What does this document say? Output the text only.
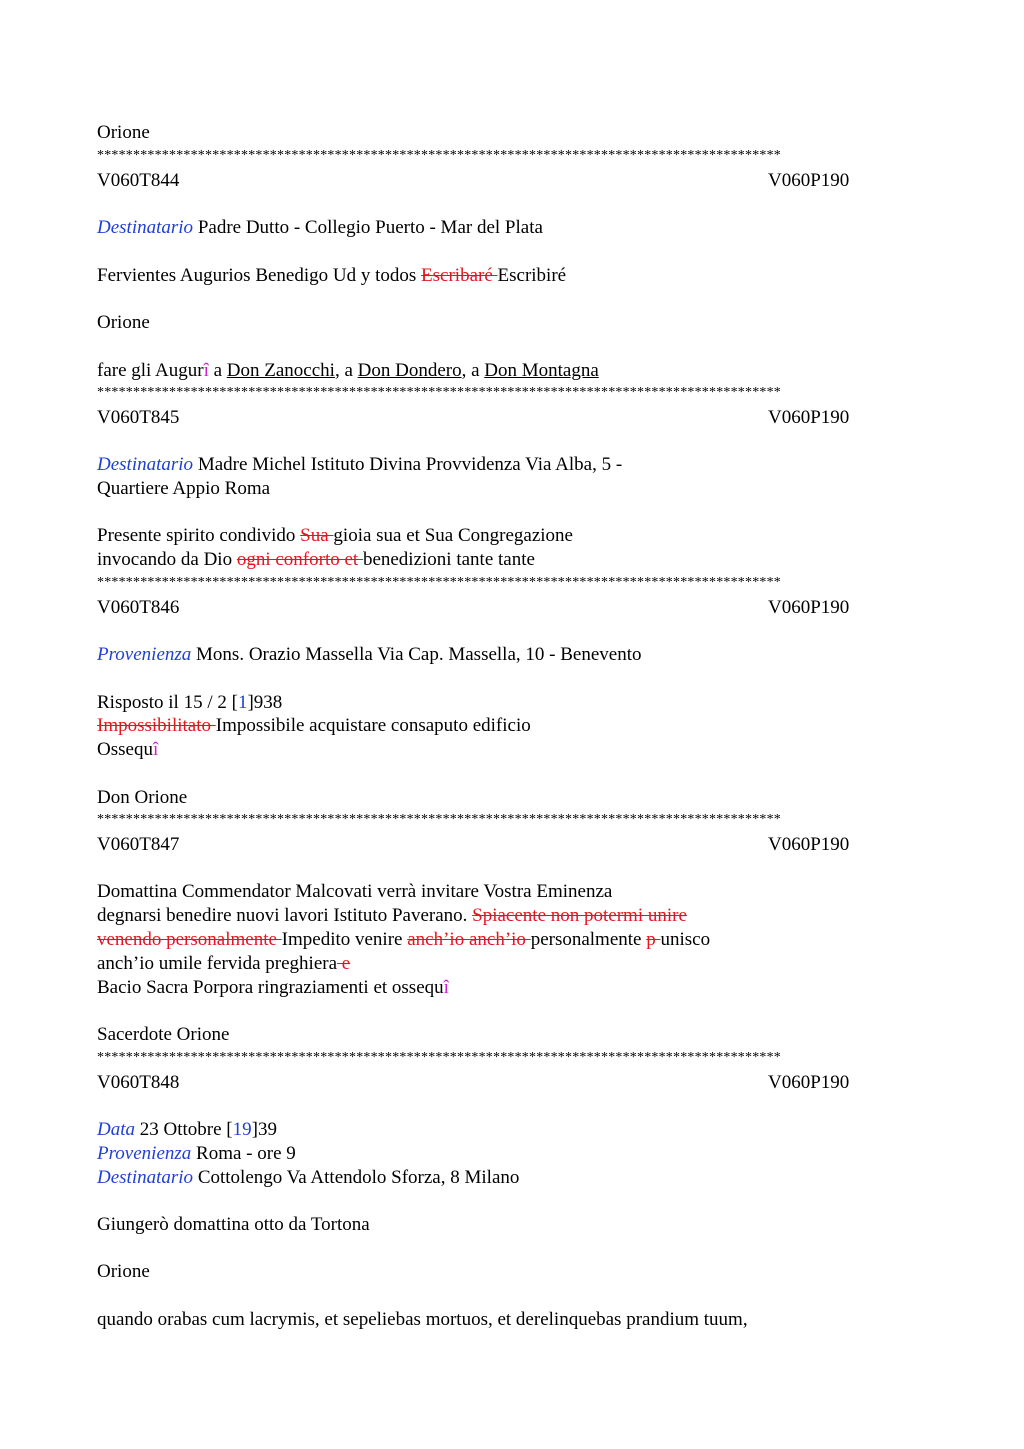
Orione
***********************************************************************************************
V060T844	V060P190
Destinatario Padre Dutto - Collegio Puerto - Mar del Plata
Fervientes Augurios Benedigo Ud y todos Escribaré Escribiré
Orione
fare gli Augurî a Don Zanocchi, a Don Dondero, a Don Montagna
***********************************************************************************************
V060T845	V060P190
Destinatario Madre Michel Istituto Divina Provvidenza Via Alba, 5 -
Quartiere Appio Roma
Presente spirito condivido Sua gioia sua et Sua Congregazione
invocando da Dio ogni conforto et benedizioni tante tante
***********************************************************************************************
V060T846	V060P190
Provenienza Mons. Orazio Massella Via Cap. Massella, 10 - Benevento
Risposto il 15 / 2 [1]938
Impossibilitato Impossibile acquistare consaputo edificio
Ossequî
Don Orione
***********************************************************************************************
V060T847	V060P190
Domattina Commendator Malcovati verrà invitare Vostra Eminenza
degnarsi benedire nuovi lavori Istituto Paverano. Spiacente non potermi unire
venendo personalmente Impedito venire anch’io anch’io personalmente p unisco
anch’io umile fervida preghiera e
Bacio Sacra Porpora ringraziamenti et ossequî
Sacerdote Orione
***********************************************************************************************
V060T848	V060P190
Data 23 Ottobre [19]39
Provenienza Roma - ore 9
Destinatario Cottolengo Va Attendolo Sforza, 8 Milano
Giungerò domattina otto da Tortona
Orione
quando orabas cum lacrymis, et sepeliebas mortuos, et derelinquebas prandium tuum,
